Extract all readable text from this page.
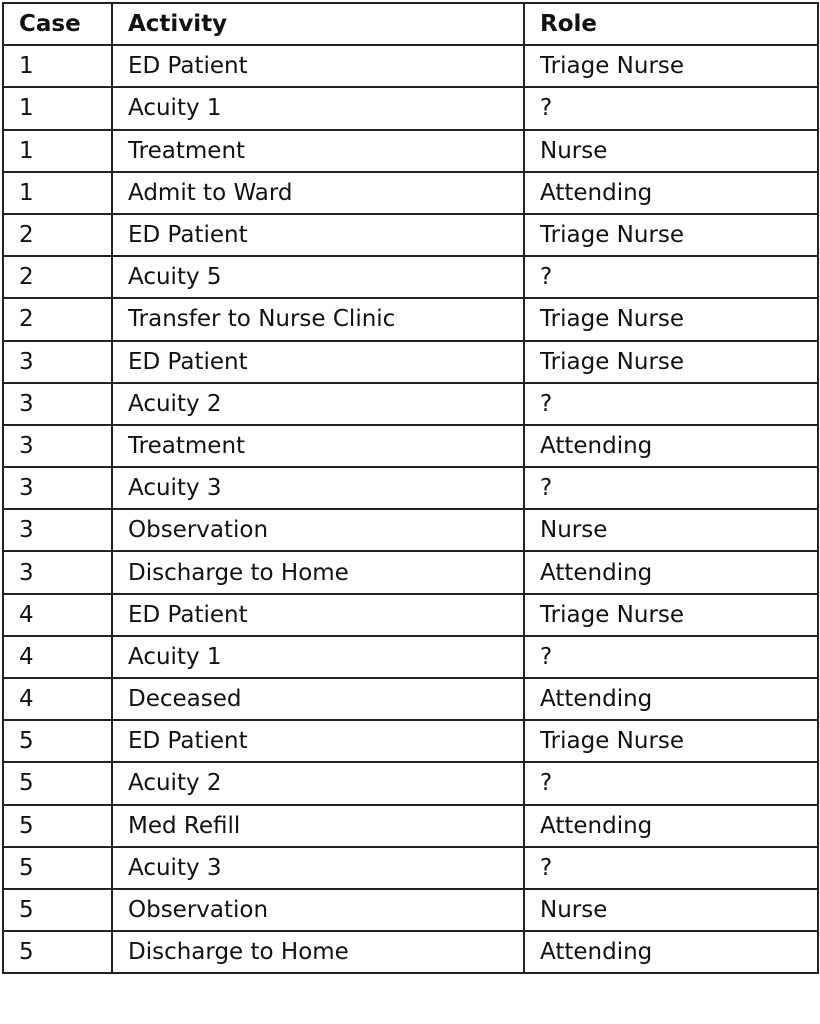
Case	Activity	Role
1	ED Patient	Triage Nurse
1	Acuity 1	?
1	Treatment	Nurse
1	Admit to Ward	Attending
2	ED Patient	Triage Nurse
2	Acuity 5	?
2	Transfer to Nurse Clinic	Triage Nurse
3	ED Patient	Triage Nurse
3	Acuity 2	?
3	Treatment	Attending
3	Acuity 3	?
3	Observation	Nurse
3	Discharge to Home	Attending
4	ED Patient	Triage Nurse
4	Acuity 1	?
4	Deceased	Attending
5	ED Patient	Triage Nurse
5	Acuity 2	?
5	Med Refill	Attending
5	Acuity 3	?
5	Observation	Nurse
5	Discharge to Home	Attending
